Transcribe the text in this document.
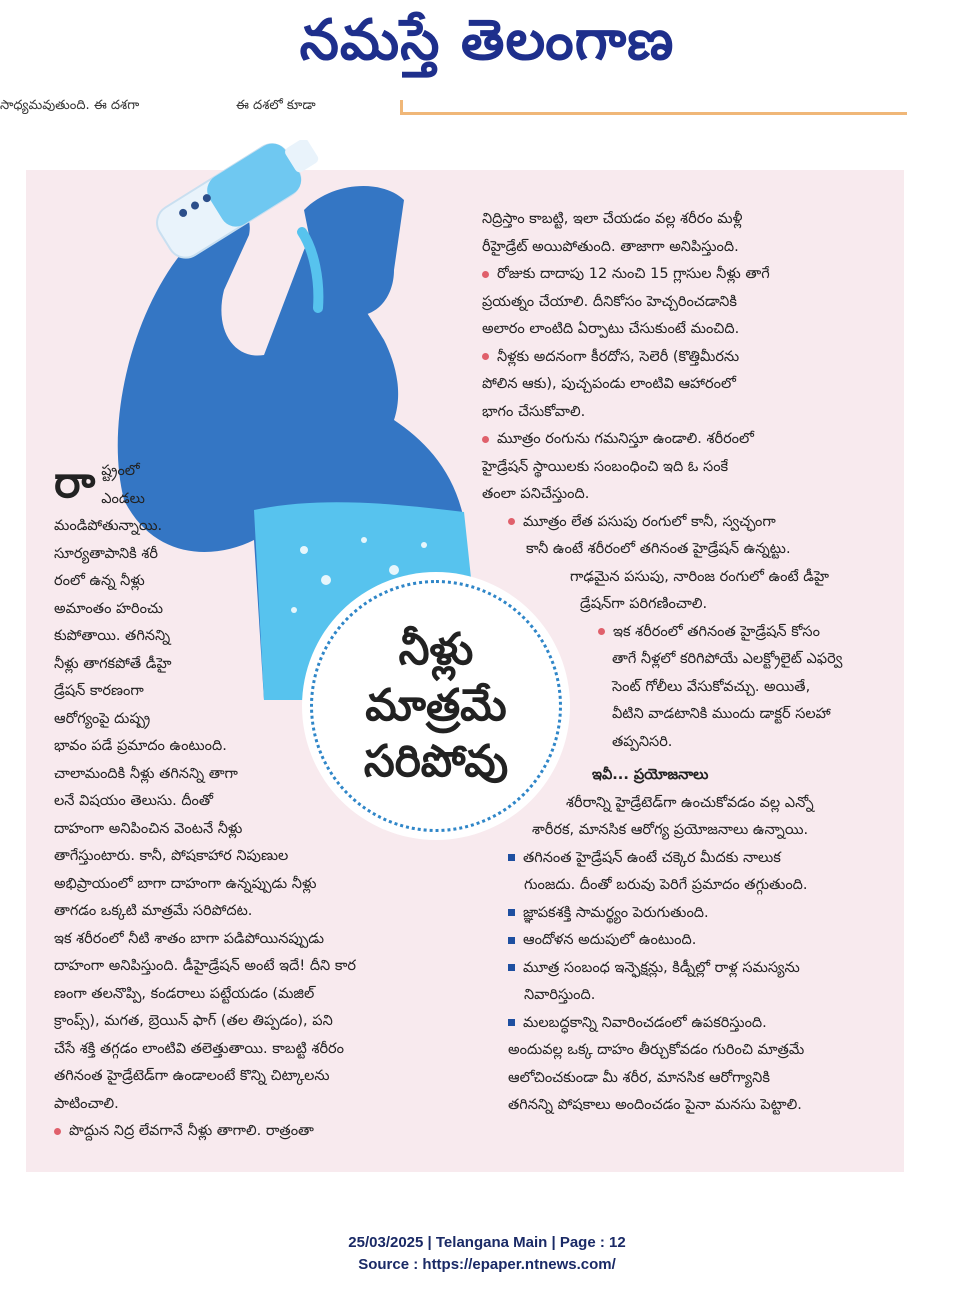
నమస్తే తెలంగాణ
సాధ్యమవుతుంది. ఈ దశగా	ఈ దశలో కూడా
నీళ్లు
మాత్రమే
సరిపోవు
రా ష్ట్రంలో

ఎండలు

మండిపోతున్నాయి.

సూర్యతాపానికి శరీ

రంలో ఉన్న నీళ్లు

అమాంతం హరించు

కుపోతాయి. తగినన్ని

నీళ్లు తాగకపోతే డీహై

డ్రేషన్ కారణంగా

ఆరోగ్యంపై దుష్ప్ర

భావం పడే ప్రమాదం ఉంటుంది.

చాలామందికి నీళ్లు తగినన్ని తాగా

లనే విషయం తెలుసు. దీంతో

దాహంగా అనిపించిన వెంటనే నీళ్లు

తాగేస్తుంటారు. కానీ, పోషకాహార నిపుణుల

అభిప్రాయంలో బాగా దాహంగా ఉన్నప్పుడు నీళ్లు

తాగడం ఒక్కటి మాత్రమే సరిపోదట.

ఇక శరీరంలో నీటి శాతం బాగా పడిపోయినప్పుడు

దాహంగా అనిపిస్తుంది. డీహైడ్రేషన్ అంటే ఇదే! దీని కార

ణంగా తలనొప్పి, కండరాలు పట్టేయడం (మజిల్

క్రాంప్స్), మగత, బ్రెయిన్ ఫాగ్ (తల తిప్పడం), పని

చేసే శక్తి తగ్గడం లాంటివి తలెత్తుతాయి. కాబట్టి శరీరం

తగినంత హైడ్రేటెడ్‌గా ఉండాలంటే కొన్ని చిట్కాలను

పాటించాలి.

పొద్దున నిద్ర లేవగానే నీళ్లు తాగాలి. రాత్రంతా

నిద్రిస్తాం కాబట్టి, ఇలా చేయడం వల్ల శరీరం మళ్లీ

రీహైడ్రేట్ అయిపోతుంది. తాజాగా అనిపిస్తుంది.

రోజుకు దాదాపు 12 నుంచి 15 గ్లాసుల నీళ్లు తాగే

ప్రయత్నం చేయాలి. దీనికోసం హెచ్చరించడానికి

అలారం లాంటిది ఏర్పాటు చేసుకుంటే మంచిది.

నీళ్లకు అదనంగా కీరదోస, సెలెరీ (కొత్తిమీరను

పోలిన ఆకు), పుచ్చపండు లాంటివి ఆహారంలో

భాగం చేసుకోవాలి.

మూత్రం రంగును గమనిస్తూ ఉండాలి. శరీరంలో

హైడ్రేషన్ స్థాయిలకు సంబంధించి ఇది ఓ సంకే

తంలా పనిచేస్తుంది.

మూత్రం లేత పసుపు రంగులో కానీ, స్వచ్ఛంగా

కానీ ఉంటే శరీరంలో తగినంత హైడ్రేషన్ ఉన్నట్టు.

గాఢమైన పసుపు, నారింజ రంగులో ఉంటే డీహై

డ్రేషన్‌గా పరిగణించాలి.

ఇక శరీరంలో తగినంత హైడ్రేషన్ కోసం

తాగే నీళ్లలో కరిగిపోయే ఎలక్ట్రోలైట్ ఎఫర్వె

సెంట్ గోలీలు వేసుకోవచ్చు. అయితే,

వీటిని వాడటానికి ముందు డాక్టర్ సలహా

తప్పనిసరి.

ఇవీ... ప్రయోజనాలు

శరీరాన్ని హైడ్రేటెడ్‌గా ఉంచుకోవడం వల్ల ఎన్నో

శారీరక, మానసిక ఆరోగ్య ప్రయోజనాలు ఉన్నాయి.

తగినంత హైడ్రేషన్ ఉంటే చక్కెర మీదకు నాలుక

గుంజదు. దీంతో బరువు పెరిగే ప్రమాదం తగ్గుతుంది.

జ్ఞాపకశక్తి సామర్థ్యం పెరుగుతుంది.

ఆందోళన అదుపులో ఉంటుంది.

మూత్ర సంబంధ ఇన్ఫెక్షన్లు, కిడ్నీల్లో రాళ్ల సమస్యను

నివారిస్తుంది.

మలబద్ధకాన్ని నివారించడంలో ఉపకరిస్తుంది.

అందువల్ల ఒక్క దాహం తీర్చుకోవడం గురించి మాత్రమే

ఆలోచించకుండా మీ శరీర, మానసిక ఆరోగ్యానికి

తగినన్ని పోషకాలు అందించడం పైనా మనసు పెట్టాలి.

25/03/2025 | Telangana Main | Page : 12
Source : https://epaper.ntnews.com/
